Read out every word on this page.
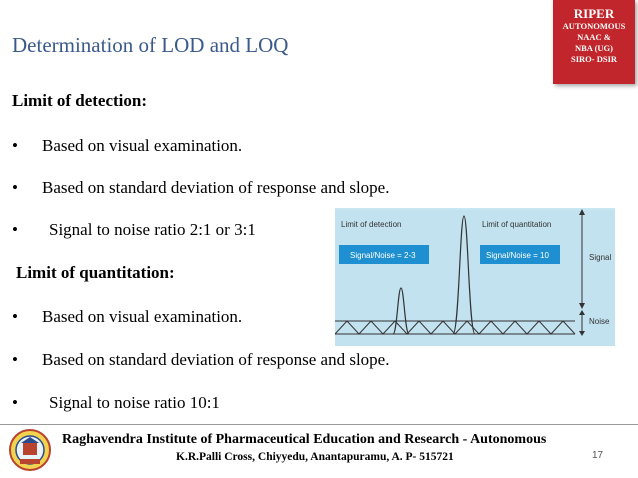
Determination of LOD and LOQ
RIPER
AUTONOMOUS
NAAC &
NBA (UG)
SIRO- DSIR
Limit of detection:
•	Based on visual examination.
•	Based on standard deviation of response and slope.
•	Signal to noise ratio 2:1 or 3:1
Limit of quantitation:
•	Based on visual examination.
•	Based on standard deviation of response and slope.
•	Signal to noise ratio 10:1
Limit of detection	Limit of quantitation
Signal/Noise = 2-3	Signal/Noise = 10	Signal
Noise
Raghavendra Institute of Pharmaceutical Education and Research - Autonomous
K.R.Palli Cross, Chiyyedu, Anantapuramu, A. P- 515721	17
